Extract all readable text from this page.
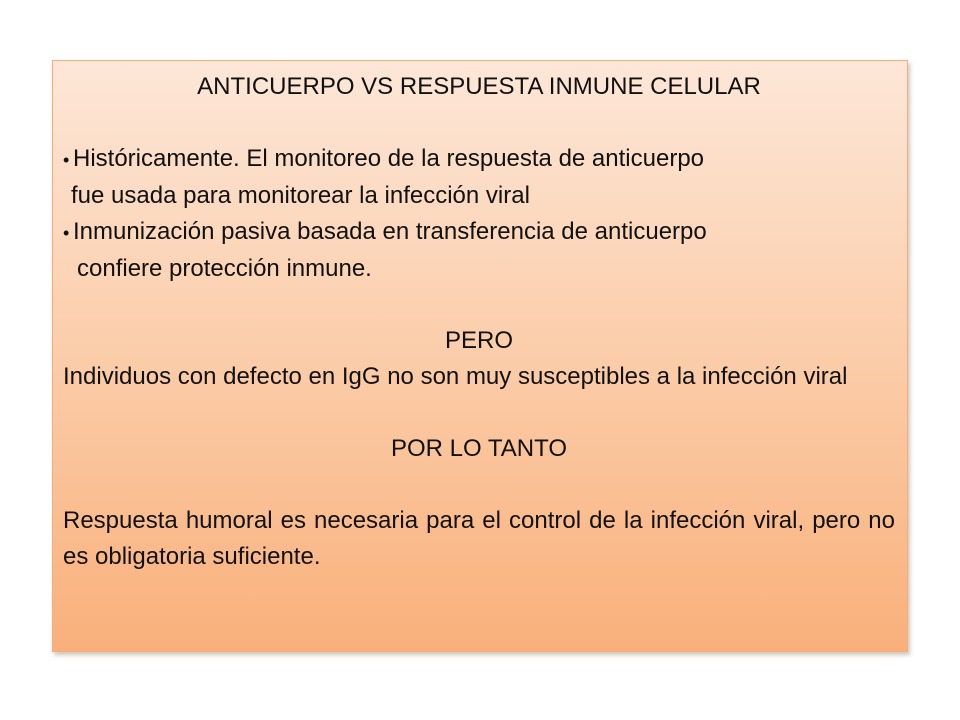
ANTICUERPO VS RESPUESTA INMUNE CELULAR

• Históricamente. El monitoreo de la respuesta de anticuerpo
fue usada para monitorear la infección viral
• Inmunización pasiva basada en transferencia de anticuerpo
confiere protección inmune.

PERO

Individuos con defecto en IgG no son muy susceptibles a la infección viral

POR LO TANTO

Respuesta humoral es necesaria para el control de la infección viral, pero no es obligatoria suficiente.
